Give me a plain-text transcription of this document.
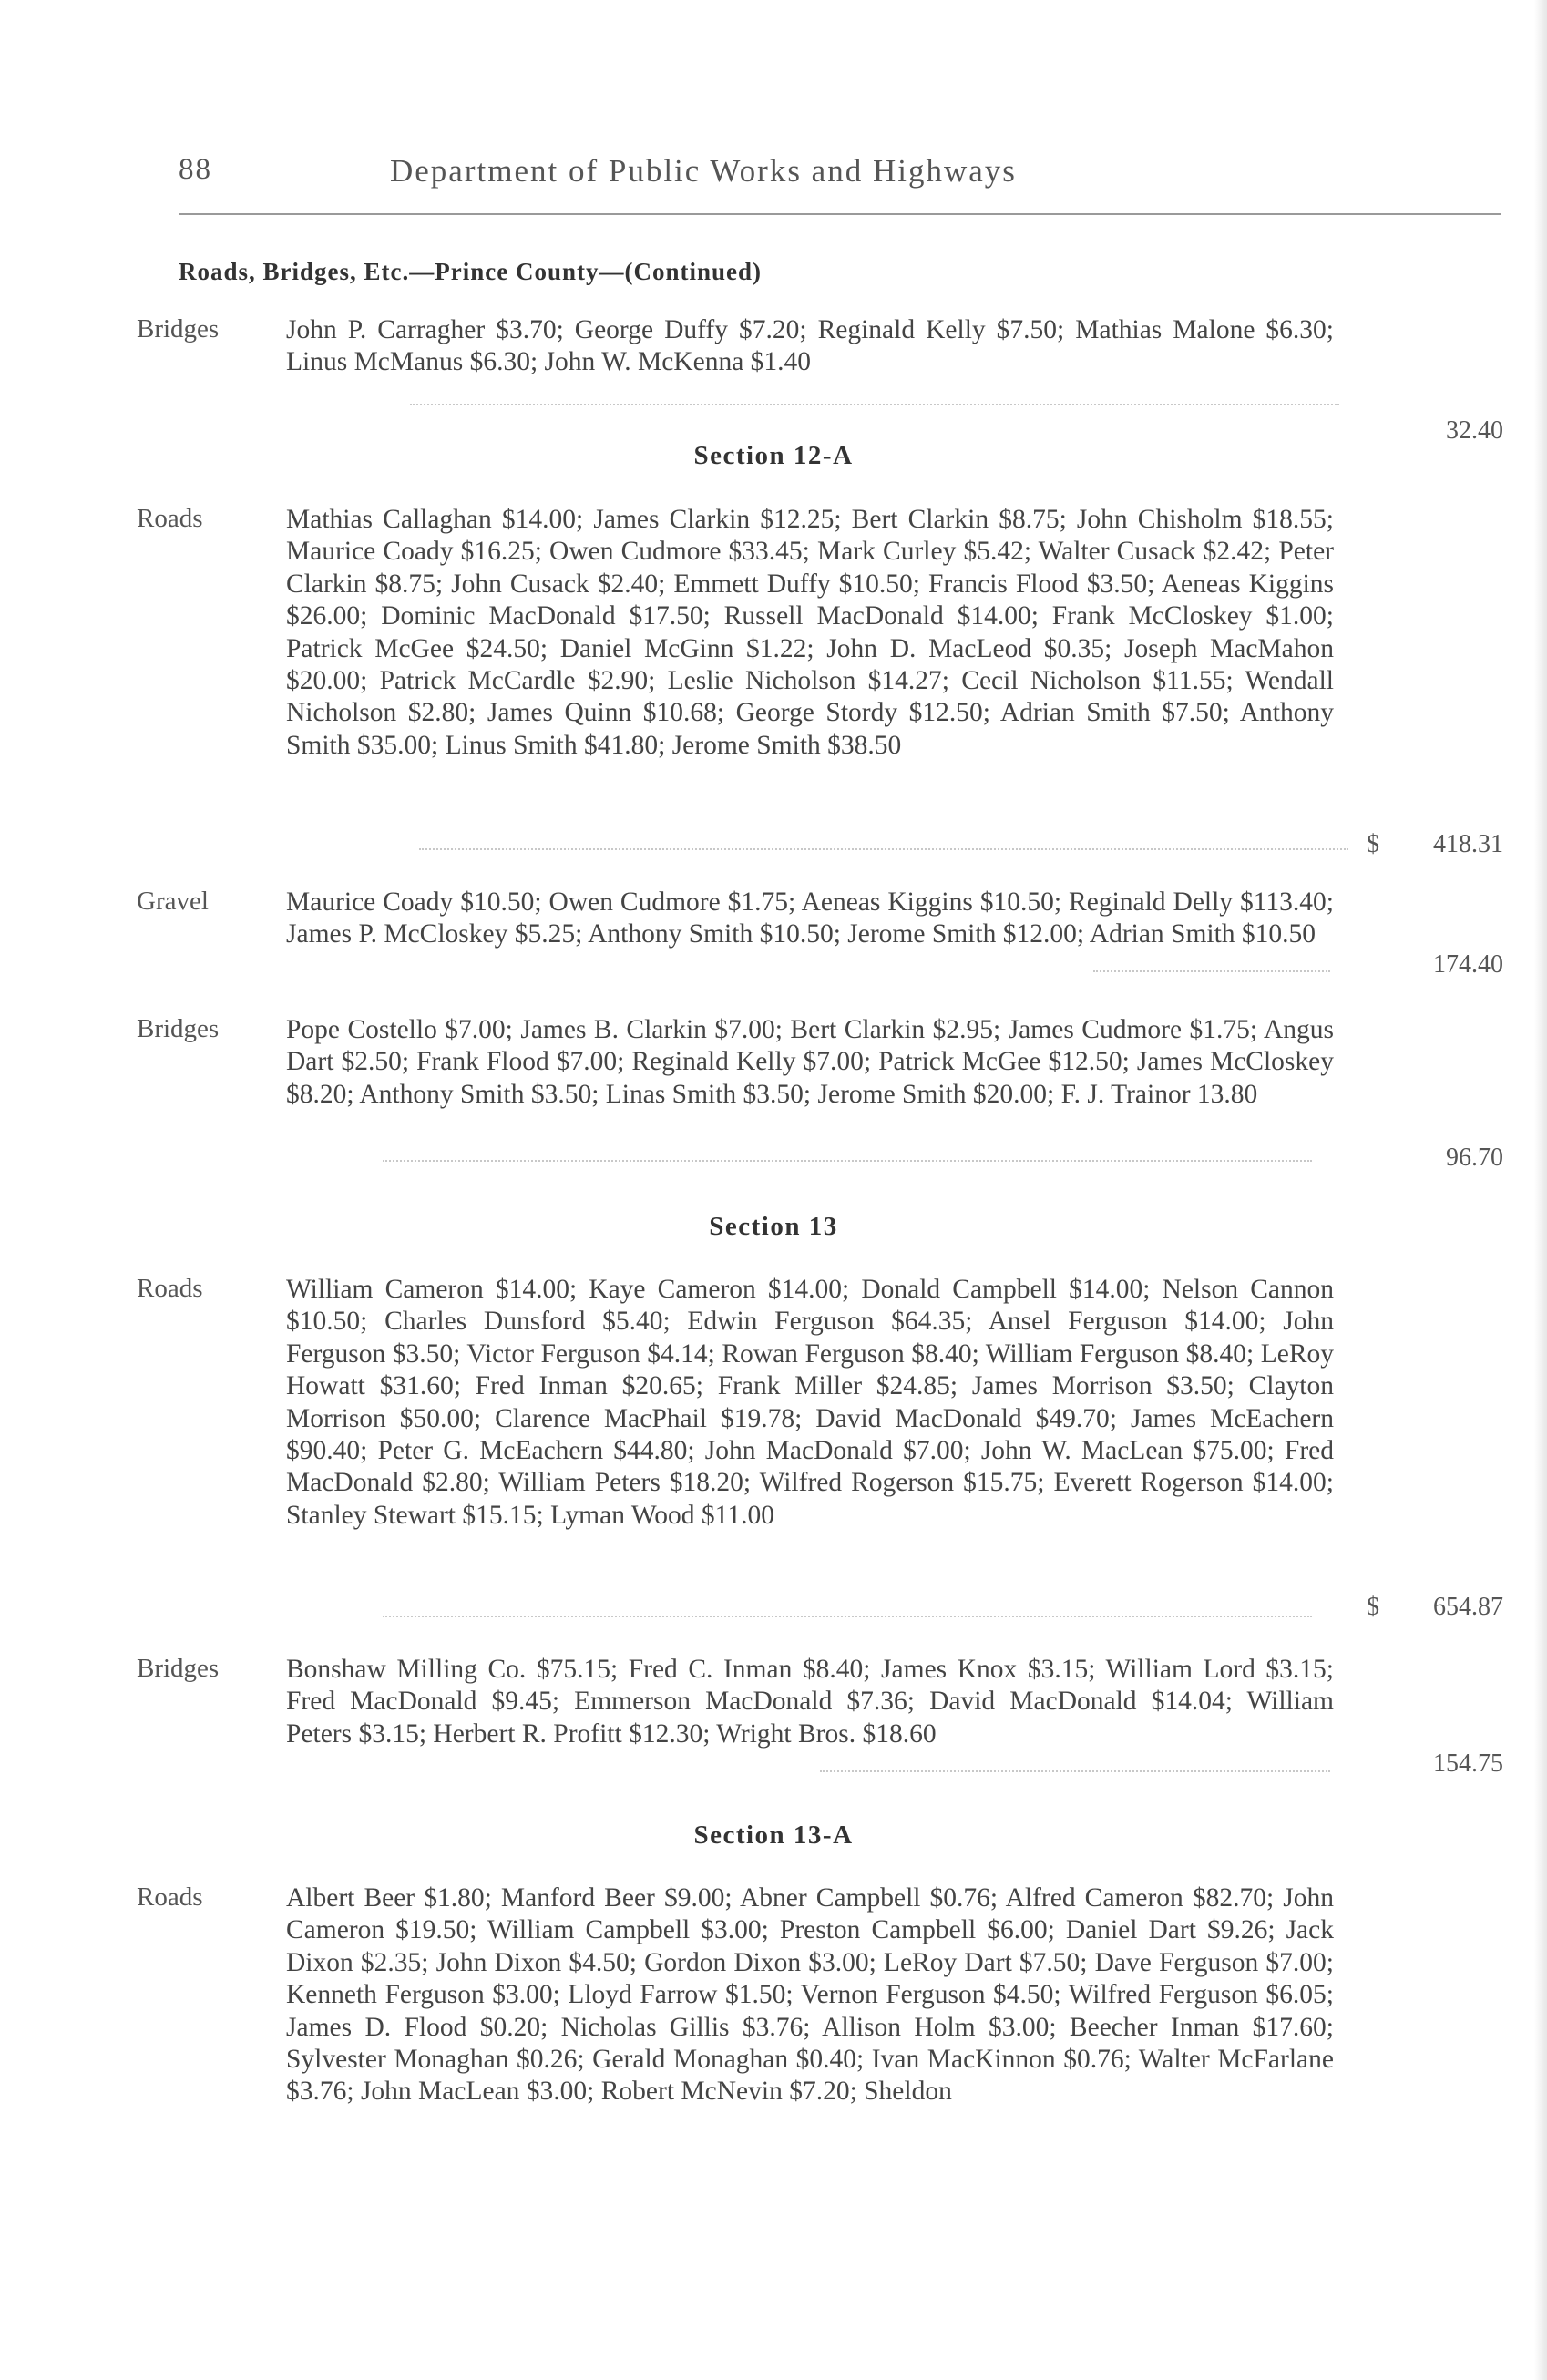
88	Department of Public Works and Highways
Roads, Bridges, Etc.—Prince County—(Continued)
Bridges	John P. Carragher $3.70; George Duffy $7.20; Reginald Kelly $7.50; Mathias Malone $6.30; Linus McManus $6.30; John W. McKenna $1.40
32.40
Section 12-A
Roads	Mathias Callaghan $14.00; James Clarkin $12.25; Bert Clarkin $8.75; John Chisholm $18.55; Maurice Coady $16.25; Owen Cudmore $33.45; Mark Curley $5.42; Walter Cusack $2.42; Peter Clarkin $8.75; John Cusack $2.40; Emmett Duffy $10.50; Francis Flood $3.50; Aeneas Kiggins $26.00; Dominic MacDonald $17.50; Russell MacDonald $14.00; Frank McCloskey $1.00; Patrick McGee $24.50; Daniel McGinn $1.22; John D. MacLeod $0.35; Joseph MacMahon $20.00; Patrick McCardle $2.90; Leslie Nicholson $14.27; Cecil Nicholson $11.55; Wendall Nicholson $2.80; James Quinn $10.68; George Stordy $12.50; Adrian Smith $7.50; Anthony Smith $35.00; Linus Smith $41.80; Jerome Smith $38.50
$ 418.31
Gravel	Maurice Coady $10.50; Owen Cudmore $1.75; Aeneas Kiggins $10.50; Reginald Delly $113.40; James P. McCloskey $5.25; Anthony Smith $10.50; Jerome Smith $12.00; Adrian Smith $10.50
174.40
Bridges	Pope Costello $7.00; James B. Clarkin $7.00; Bert Clarkin $2.95; James Cudmore $1.75; Angus Dart $2.50; Frank Flood $7.00; Reginald Kelly $7.00; Patrick McGee $12.50; James McCloskey $8.20; Anthony Smith $3.50; Linas Smith $3.50; Jerome Smith $20.00; F. J. Trainor 13.80
96.70
Section 13
Roads	William Cameron $14.00; Kaye Cameron $14.00; Donald Campbell $14.00; Nelson Cannon $10.50; Charles Dunsford $5.40; Edwin Ferguson $64.35; Ansel Ferguson $14.00; John Ferguson $3.50; Victor Ferguson $4.14; Rowan Ferguson $8.40; William Ferguson $8.40; LeRoy Howatt $31.60; Fred Inman $20.65; Frank Miller $24.85; James Morrison $3.50; Clayton Morrison $50.00; Clarence MacPhail $19.78; David MacDonald $49.70; James McEachern $90.40; Peter G. McEachern $44.80; John MacDonald $7.00; John W. MacLean $75.00; Fred MacDonald $2.80; William Peters $18.20; Wilfred Rogerson $15.75; Everett Rogerson $14.00; Stanley Stewart $15.15; Lyman Wood $11.00
$ 654.87
Bridges	Bonshaw Milling Co. $75.15; Fred C. Inman $8.40; James Knox $3.15; William Lord $3.15; Fred MacDonald $9.45; Emmerson MacDonald $7.36; David MacDonald $14.04; William Peters $3.15; Herbert R. Profitt $12.30; Wright Bros. $18.60
154.75
Section 13-A
Roads	Albert Beer $1.80; Manford Beer $9.00; Abner Campbell $0.76; Alfred Cameron $82.70; John Cameron $19.50; William Campbell $3.00; Preston Campbell $6.00; Daniel Dart $9.26; Jack Dixon $2.35; John Dixon $4.50; Gordon Dixon $3.00; LeRoy Dart $7.50; Dave Ferguson $7.00; Kenneth Ferguson $3.00; Lloyd Farrow $1.50; Vernon Ferguson $4.50; Wilfred Ferguson $6.05; James D. Flood $0.20; Nicholas Gillis $3.76; Allison Holm $3.00; Beecher Inman $17.60; Sylvester Monaghan $0.26; Gerald Monaghan $0.40; Ivan MacKinnon $0.76; Walter McFarlane $3.76; John MacLean $3.00; Robert McNevin $7.20; Sheldon
